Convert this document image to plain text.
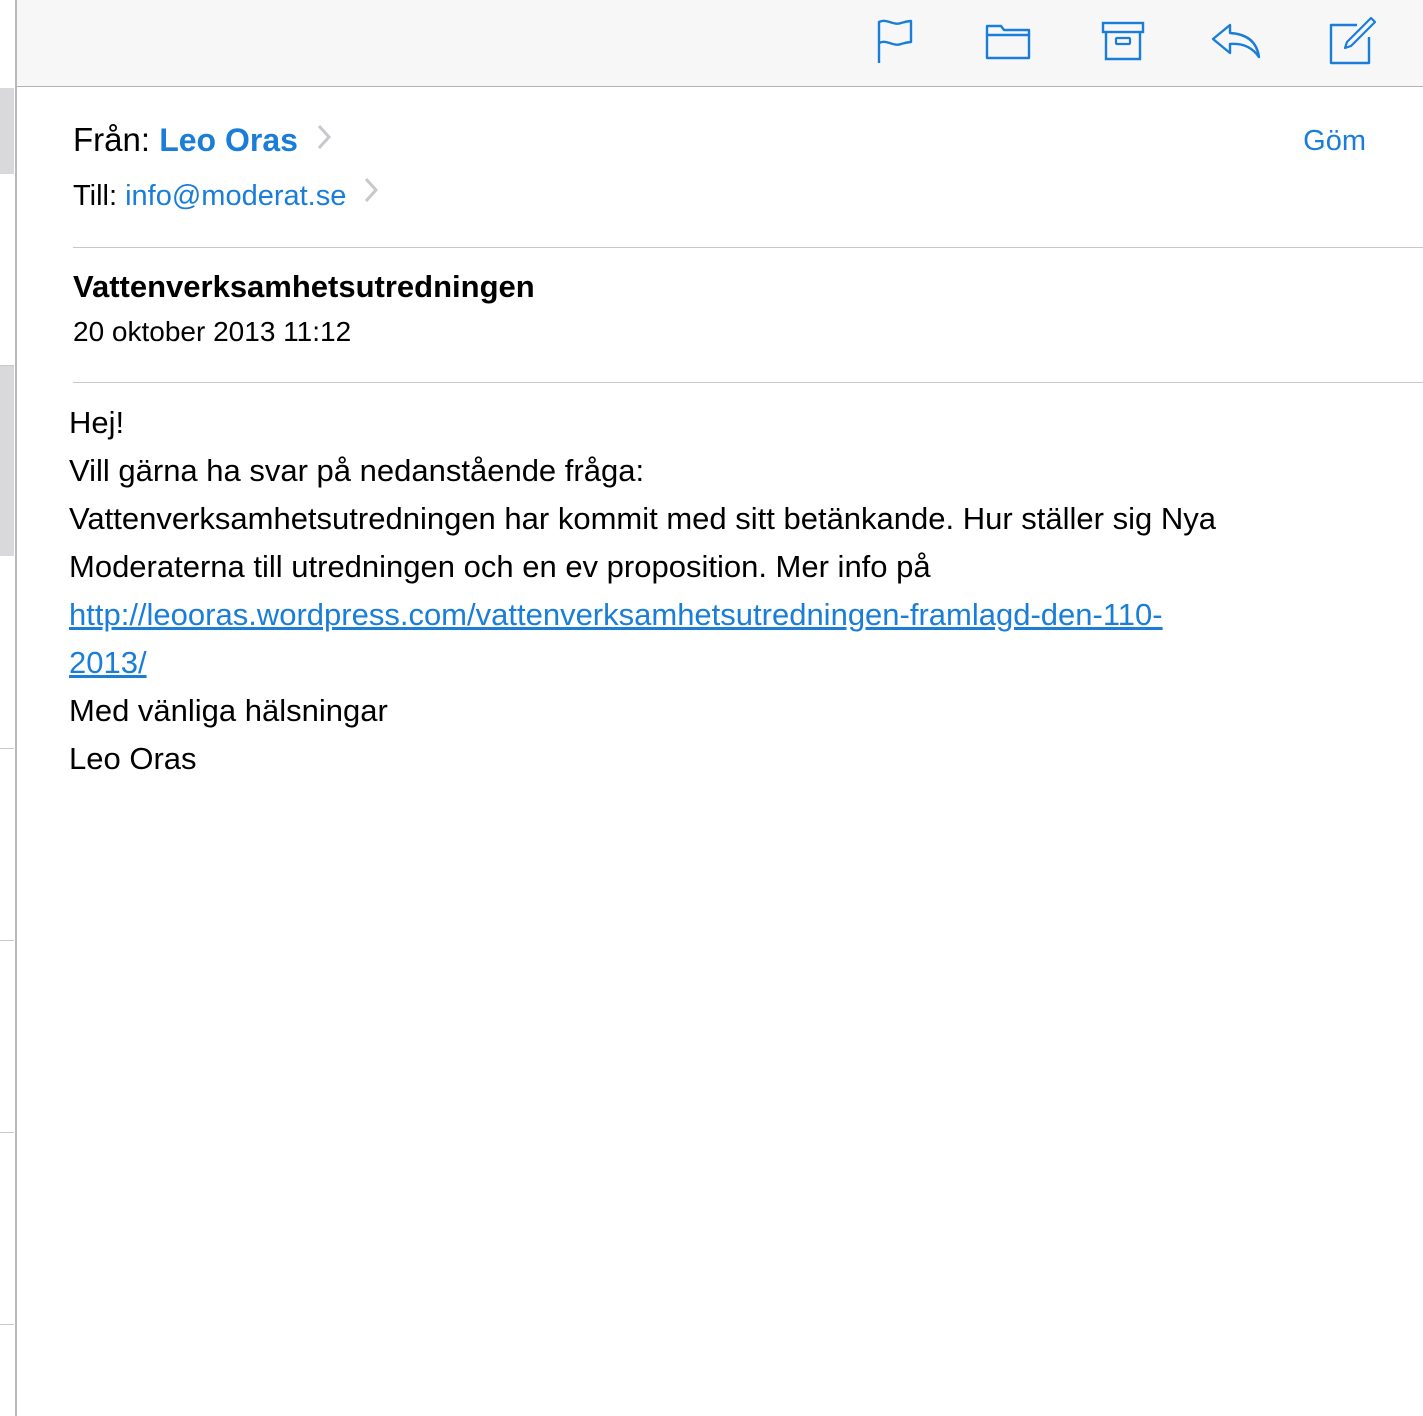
Från: Leo Oras	Göm
Till: info@moderat.se
Vattenverksamhetsutredningen
20 oktober 2013 11:12
Hej!
Vill gärna ha svar på nedanstående fråga:
Vattenverksamhetsutredningen har kommit med sitt betänkande. Hur ställer sig Nya
Moderaterna till utredningen och en ev proposition. Mer info på
http://leooras.wordpress.com/vattenverksamhetsutredningen-framlagd-den-110-
2013/
Med vänliga hälsningar
Leo Oras
